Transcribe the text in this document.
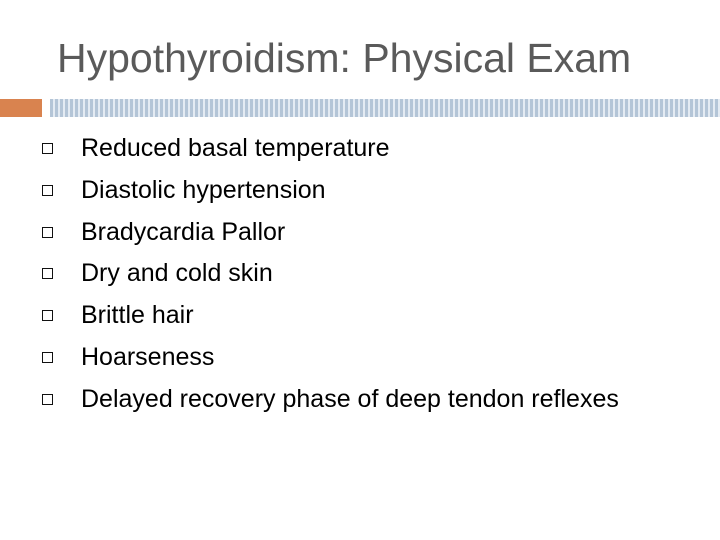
Hypothyroidism: Physical Exam
Reduced basal temperature
Diastolic hypertension
Bradycardia Pallor
Dry and cold skin
Brittle hair
Hoarseness
Delayed recovery phase of deep tendon reflexes
